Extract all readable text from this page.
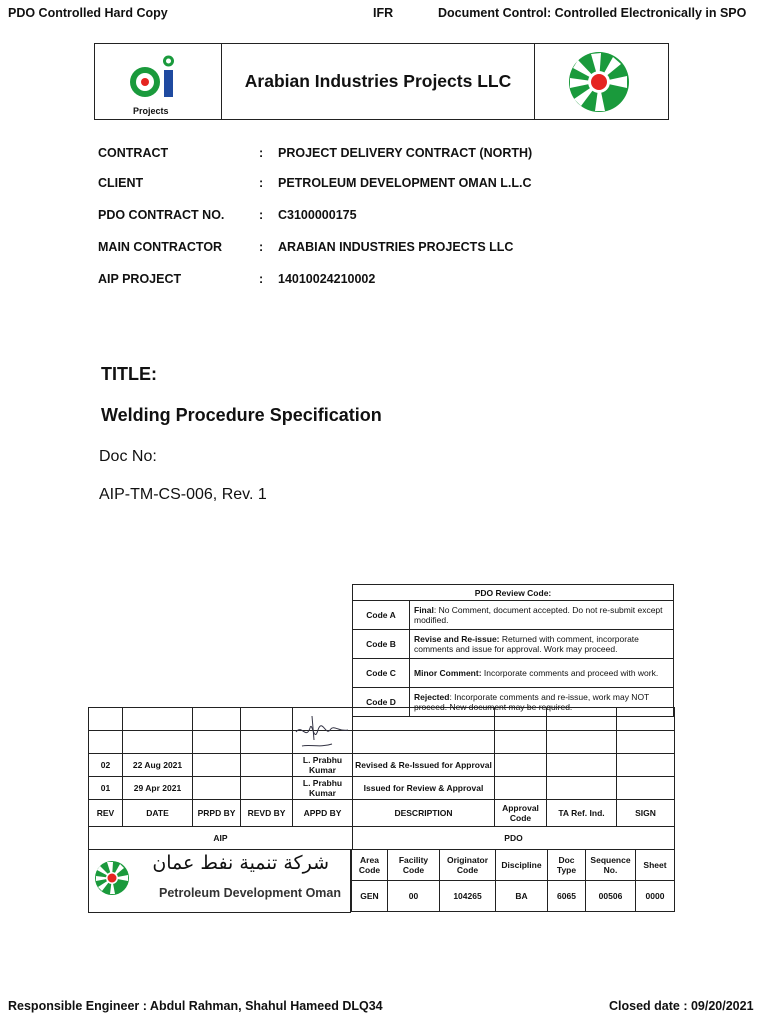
PDO Controlled Hard Copy	IFR	Document Control: Controlled Electronically in SPO
Projects
Arabian Industries Projects LLC
CONTRACT	: PROJECT DELIVERY CONTRACT (NORTH)
CLIENT	: PETROLEUM DEVELOPMENT OMAN L.L.C
PDO CONTRACT NO.	: C3100000175
MAIN CONTRACTOR	: ARABIAN INDUSTRIES PROJECTS LLC
AIP PROJECT	: 14010024210002
TITLE:
Welding Procedure Specification
Doc No:
AIP-TM-CS-006, Rev. 1
PDO Review Code:	
Code A	Final: No Comment, document accepted. Do not re-submit except modified.
Code B	Revise and Re-issue: Returned with comment, incorporate comments and issue for approval. Work may proceed.
Code C	Minor Comment: Incorporate comments and proceed with work.
Code D	Rejected: Incorporate comments and re-issue, work may NOT proceed. New document may be required.

02	22 Aug 2021			L. Prabhu Kumar	Revised & Re-Issued for Approval			
01	29 Apr 2021			L. Prabhu Kumar	Issued for Review & Approval			
REV	DATE	PRPD BY	REVD BY	APPD BY	DESCRIPTION	Approval Code	TA Ref. Ind.	SIGN
AIP					PDO			
شركة تنمية نفط عمان
Petroleum Development Oman
Area Code	Facility Code	Originator Code	Discipline	Doc Type	Sequence No.	Sheet
GEN	00	104265	BA	6065	00506	0000
Responsible Engineer : Abdul Rahman, Shahul Hameed DLQ34	Closed date : 09/20/2021
